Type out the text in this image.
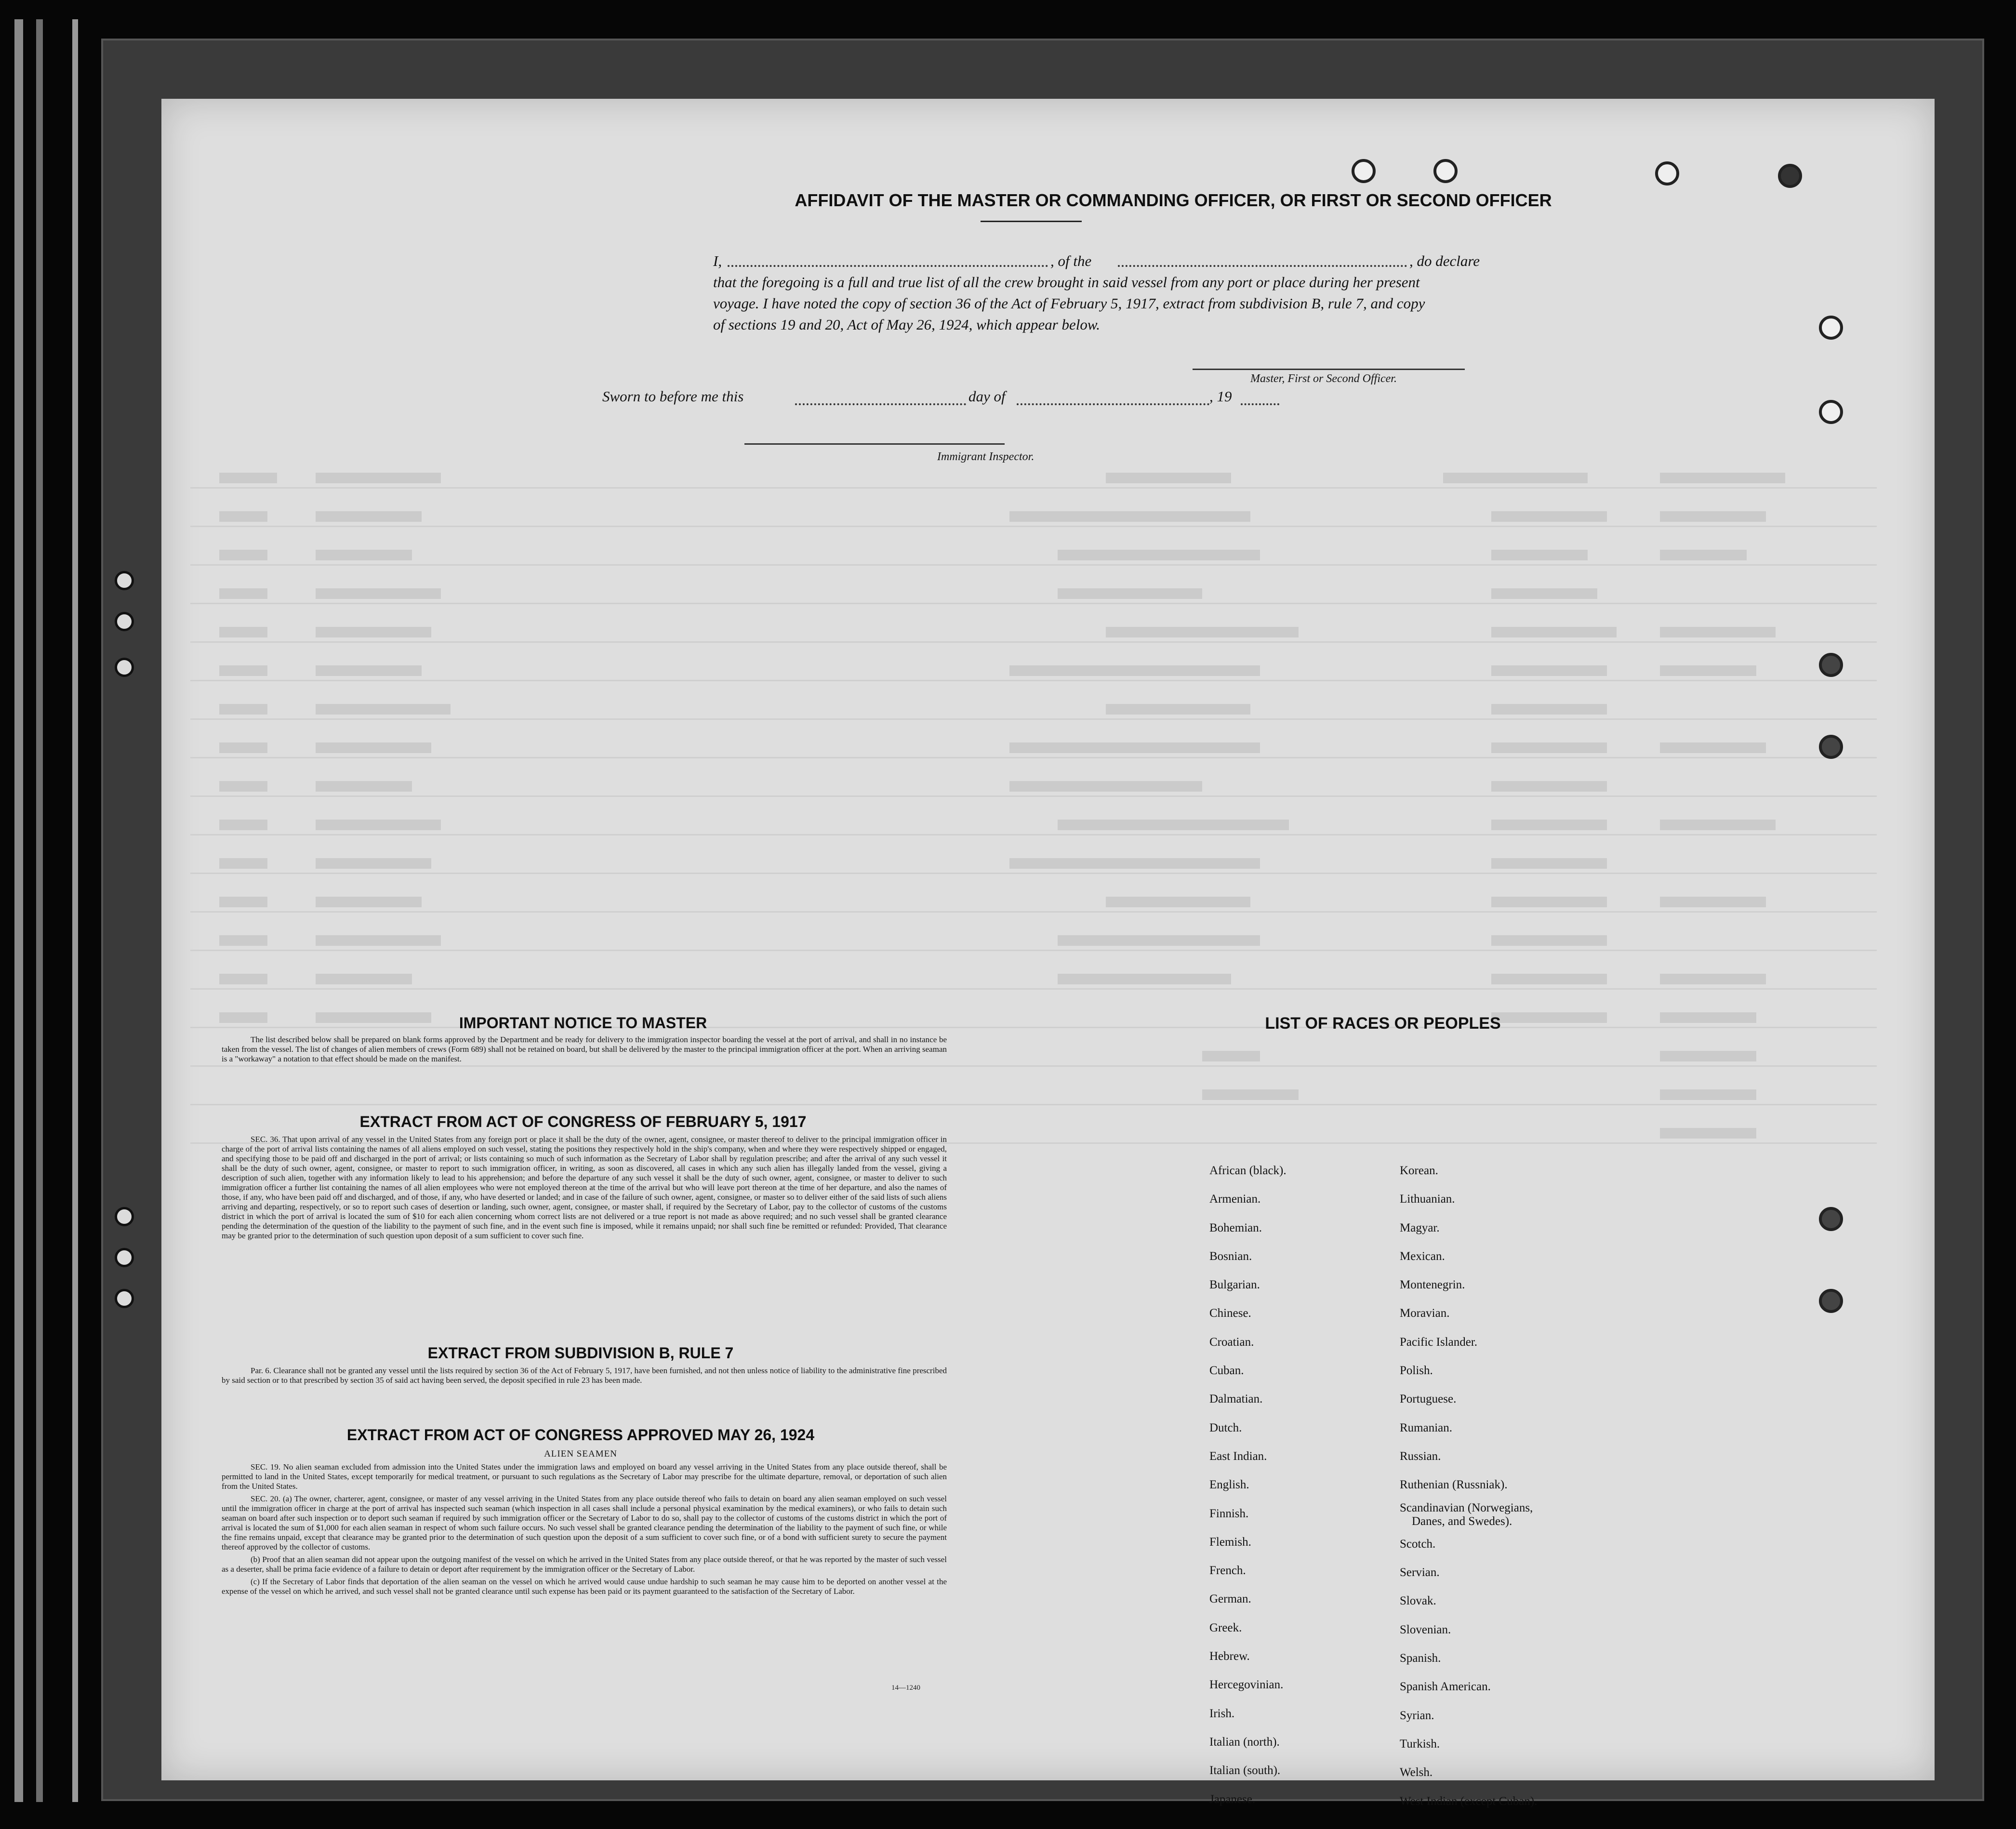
AFFIDAVIT OF THE MASTER OR COMMANDING OFFICER, OR FIRST OR SECOND OFFICER
I,	, of the	, do declare
that the foregoing is a full and true list of all the crew brought in said vessel from any port or place during her present
voyage. I have noted the copy of section 36 of the Act of February 5, 1917, extract from subdivision B, rule 7, and copy
of sections 19 and 20, Act of May 26, 1924, which appear below.
Master, First or Second Officer.
Sworn to before me this	day of	, 19
Immigrant Inspector.
IMPORTANT NOTICE TO MASTER

The list described below shall be prepared on blank forms approved by the Department and be ready for delivery to the immigration inspector boarding the vessel at the port of arrival, and shall in no instance be taken from the vessel. The list of changes of alien members of crews (Form 689) shall not be retained on board, but shall be delivered by the master to the principal immigration officer at the port. When an arriving seaman is a "workaway" a notation to that effect should be made on the manifest.

EXTRACT FROM ACT OF CONGRESS OF FEBRUARY 5, 1917

SEC. 36. That upon arrival of any vessel in the United States from any foreign port or place it shall be the duty of the owner, agent, consignee, or master thereof to deliver to the principal immigration officer in charge of the port of arrival lists containing the names of all aliens employed on such vessel, stating the positions they respectively hold in the ship's company, when and where they were respectively shipped or engaged, and specifying those to be paid off and discharged in the port of arrival; or lists containing so much of such information as the Secretary of Labor shall by regulation prescribe; and after the arrival of any such vessel it shall be the duty of such owner, agent, consignee, or master to report to such immigration officer, in writing, as soon as discovered, all cases in which any such alien has illegally landed from the vessel, giving a description of such alien, together with any information likely to lead to his apprehension; and before the departure of any such vessel it shall be the duty of such owner, agent, consignee, or master to deliver to such immigration officer a further list containing the names of all alien employees who were not employed thereon at the time of the arrival but who will leave port thereon at the time of her departure, and also the names of those, if any, who have been paid off and discharged, and of those, if any, who have deserted or landed; and in case of the failure of such owner, agent, consignee, or master so to deliver either of the said lists of such aliens arriving and departing, respectively, or so to report such cases of desertion or landing, such owner, agent, consignee, or master shall, if required by the Secretary of Labor, pay to the collector of customs of the customs district in which the port of arrival is located the sum of $10 for each alien concerning whom correct lists are not delivered or a true report is not made as above required; and no such vessel shall be granted clearance pending the determination of the question of the liability to the payment of such fine, and in the event such fine is imposed, while it remains unpaid; nor shall such fine be remitted or refunded: Provided, That clearance may be granted prior to the determination of such question upon deposit of a sum sufficient to cover such fine.

EXTRACT FROM SUBDIVISION B, RULE 7

Par. 6. Clearance shall not be granted any vessel until the lists required by section 36 of the Act of February 5, 1917, have been furnished, and not then unless notice of liability to the administrative fine prescribed by said section or to that prescribed by section 35 of said act having been served, the deposit specified in rule 23 has been made.

EXTRACT FROM ACT OF CONGRESS APPROVED MAY 26, 1924
ALIEN SEAMEN

SEC. 19. No alien seaman excluded from admission into the United States under the immigration laws and employed on board any vessel arriving in the United States from any place outside thereof, shall be permitted to land in the United States, except temporarily for medical treatment, or pursuant to such regulations as the Secretary of Labor may prescribe for the ultimate departure, removal, or deportation of such alien from the United States.

SEC. 20. (a) The owner, charterer, agent, consignee, or master of any vessel arriving in the United States from any place outside thereof who fails to detain on board any alien seaman employed on such vessel until the immigration officer in charge at the port of arrival has inspected such seaman (which inspection in all cases shall include a personal physical examination by the medical examiners), or who fails to detain such seaman on board after such inspection or to deport such seaman if required by such immigration officer or the Secretary of Labor to do so, shall pay to the collector of customs of the customs district in which the port of arrival is located the sum of $1,000 for each alien seaman in respect of whom such failure occurs. No such vessel shall be granted clearance pending the determination of the liability to the payment of such fine, or while the fine remains unpaid, except that clearance may be granted prior to the determination of such question upon the deposit of a sum sufficient to cover such fine, or of a bond with sufficient surety to secure the payment thereof approved by the collector of customs.

(b) Proof that an alien seaman did not appear upon the outgoing manifest of the vessel on which he arrived in the United States from any place outside thereof, or that he was reported by the master of such vessel as a deserter, shall be prima facie evidence of a failure to detain or deport after requirement by the immigration officer or the Secretary of Labor.

(c) If the Secretary of Labor finds that deportation of the alien seaman on the vessel on which he arrived would cause undue hardship to such seaman he may cause him to be deported on another vessel at the expense of the vessel on which he arrived, and such vessel shall not be granted clearance until such expense has been paid or its payment guaranteed to the satisfaction of the Secretary of Labor.

14—1240
LIST OF RACES OR PEOPLES
African (black).
Armenian.
Bohemian.
Bosnian.
Bulgarian.
Chinese.
Croatian.
Cuban.
Dalmatian.
Dutch.
East Indian.
English.
Finnish.
Flemish.
French.
German.
Greek.
Hebrew.
Hercegovinian.
Irish.
Italian (north).
Italian (south).
Japanese.
Korean.
Lithuanian.
Magyar.
Mexican.
Montenegrin.
Moravian.
Pacific Islander.
Polish.
Portuguese.
Rumanian.
Russian.
Ruthenian (Russniak).
Scandinavian (Norwegians,
Danes, and Swedes).
Scotch.
Servian.
Slovak.
Slovenian.
Spanish.
Spanish American.
Syrian.
Turkish.
Welsh.
West Indian (except Cuban).
